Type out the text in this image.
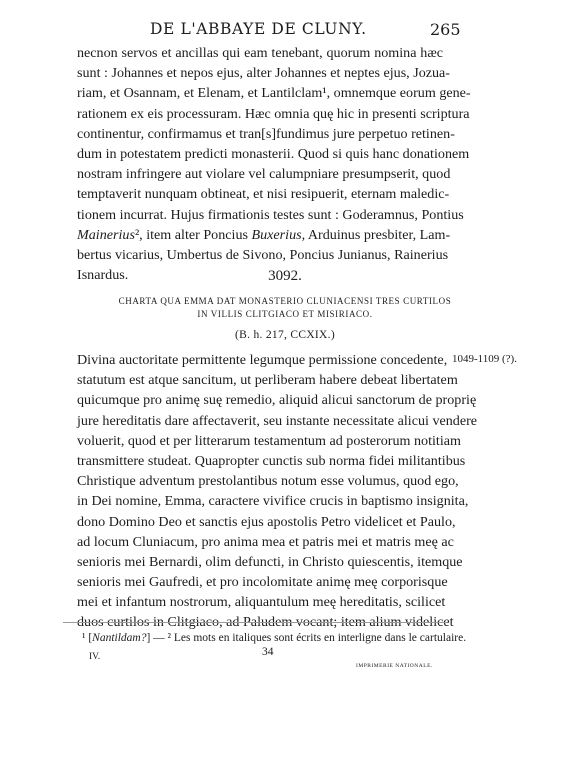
DE L'ABBAYE DE CLUNY.	265
necnon servos et ancillas qui eam tenebant, quorum nomina hæc
sunt : Johannes et nepos ejus, alter Johannes et neptes ejus, Jozua-
riam, et Osannam, et Elenam, et Lantilclam¹, omnemque eorum gene-
rationem ex eis processuram. Hæc omnia quę hic in presenti scriptura
continentur, confirmamus et tran[s]fundimus jure perpetuo retinen-
dum in potestatem predicti monasterii. Quod si quis hanc donationem
nostram infringere aut violare vel calumpniare presumpserit, quod
temptaverit nunquam obtineat, et nisi resipuerit, eternam maledic-
tionem incurrat. Hujus firmationis testes sunt : Goderamnus, Pontius
Mainerius², item alter Poncius Buxerius, Arduinus presbiter, Lam-
bertus vicarius, Umbertus de Sivono, Poncius Junianus, Rainerius
Isnardus.	3092.
CHARTA QUA EMMA DAT MONASTERIO CLUNIACENSI TRES CURTILOS
IN VILLIS CLITGIACO ET MISIRIACO.
(B. h. 217, CCXIX.)
1049-1109 (?).
Divina auctoritate permittente legumque permissione concedente,
statutum est atque sancitum, ut perliberam habere debeat libertatem
quicumque pro animę suę remedio, aliquid alicui sanctorum de proprię
jure hereditatis dare affectaverit, seu instante necessitate alicui vendere
voluerit, quod et per litterarum testamentum ad posterorum notitiam
transmittere studeat. Quapropter cunctis sub norma fidei militantibus
Christique adventum prestolantibus notum esse volumus, quod ego,
in Dei nomine, Emma, caractere vivifice crucis in baptismo insignita,
dono Domino Deo et sanctis ejus apostolis Petro videlicet et Paulo,
ad locum Cluniacum, pro anima mea et patris mei et matris meę ac
senioris mei Bernardi, olim defuncti, in Christo quiescentis, itemque
senioris mei Gaufredi, et pro incolomitate animę meę corporisque
mei et infantum nostrorum, aliquantulum meę hereditatis, scilicet
duos curtilos in Clitgiaco, ad Paludem vocant; item alium videlicet
¹ [Nantildam?] — ² Les mots en italiques sont écrits en interligne dans le cartulaire.
IV.	34
IMPRIMERIE NATIONALE.
